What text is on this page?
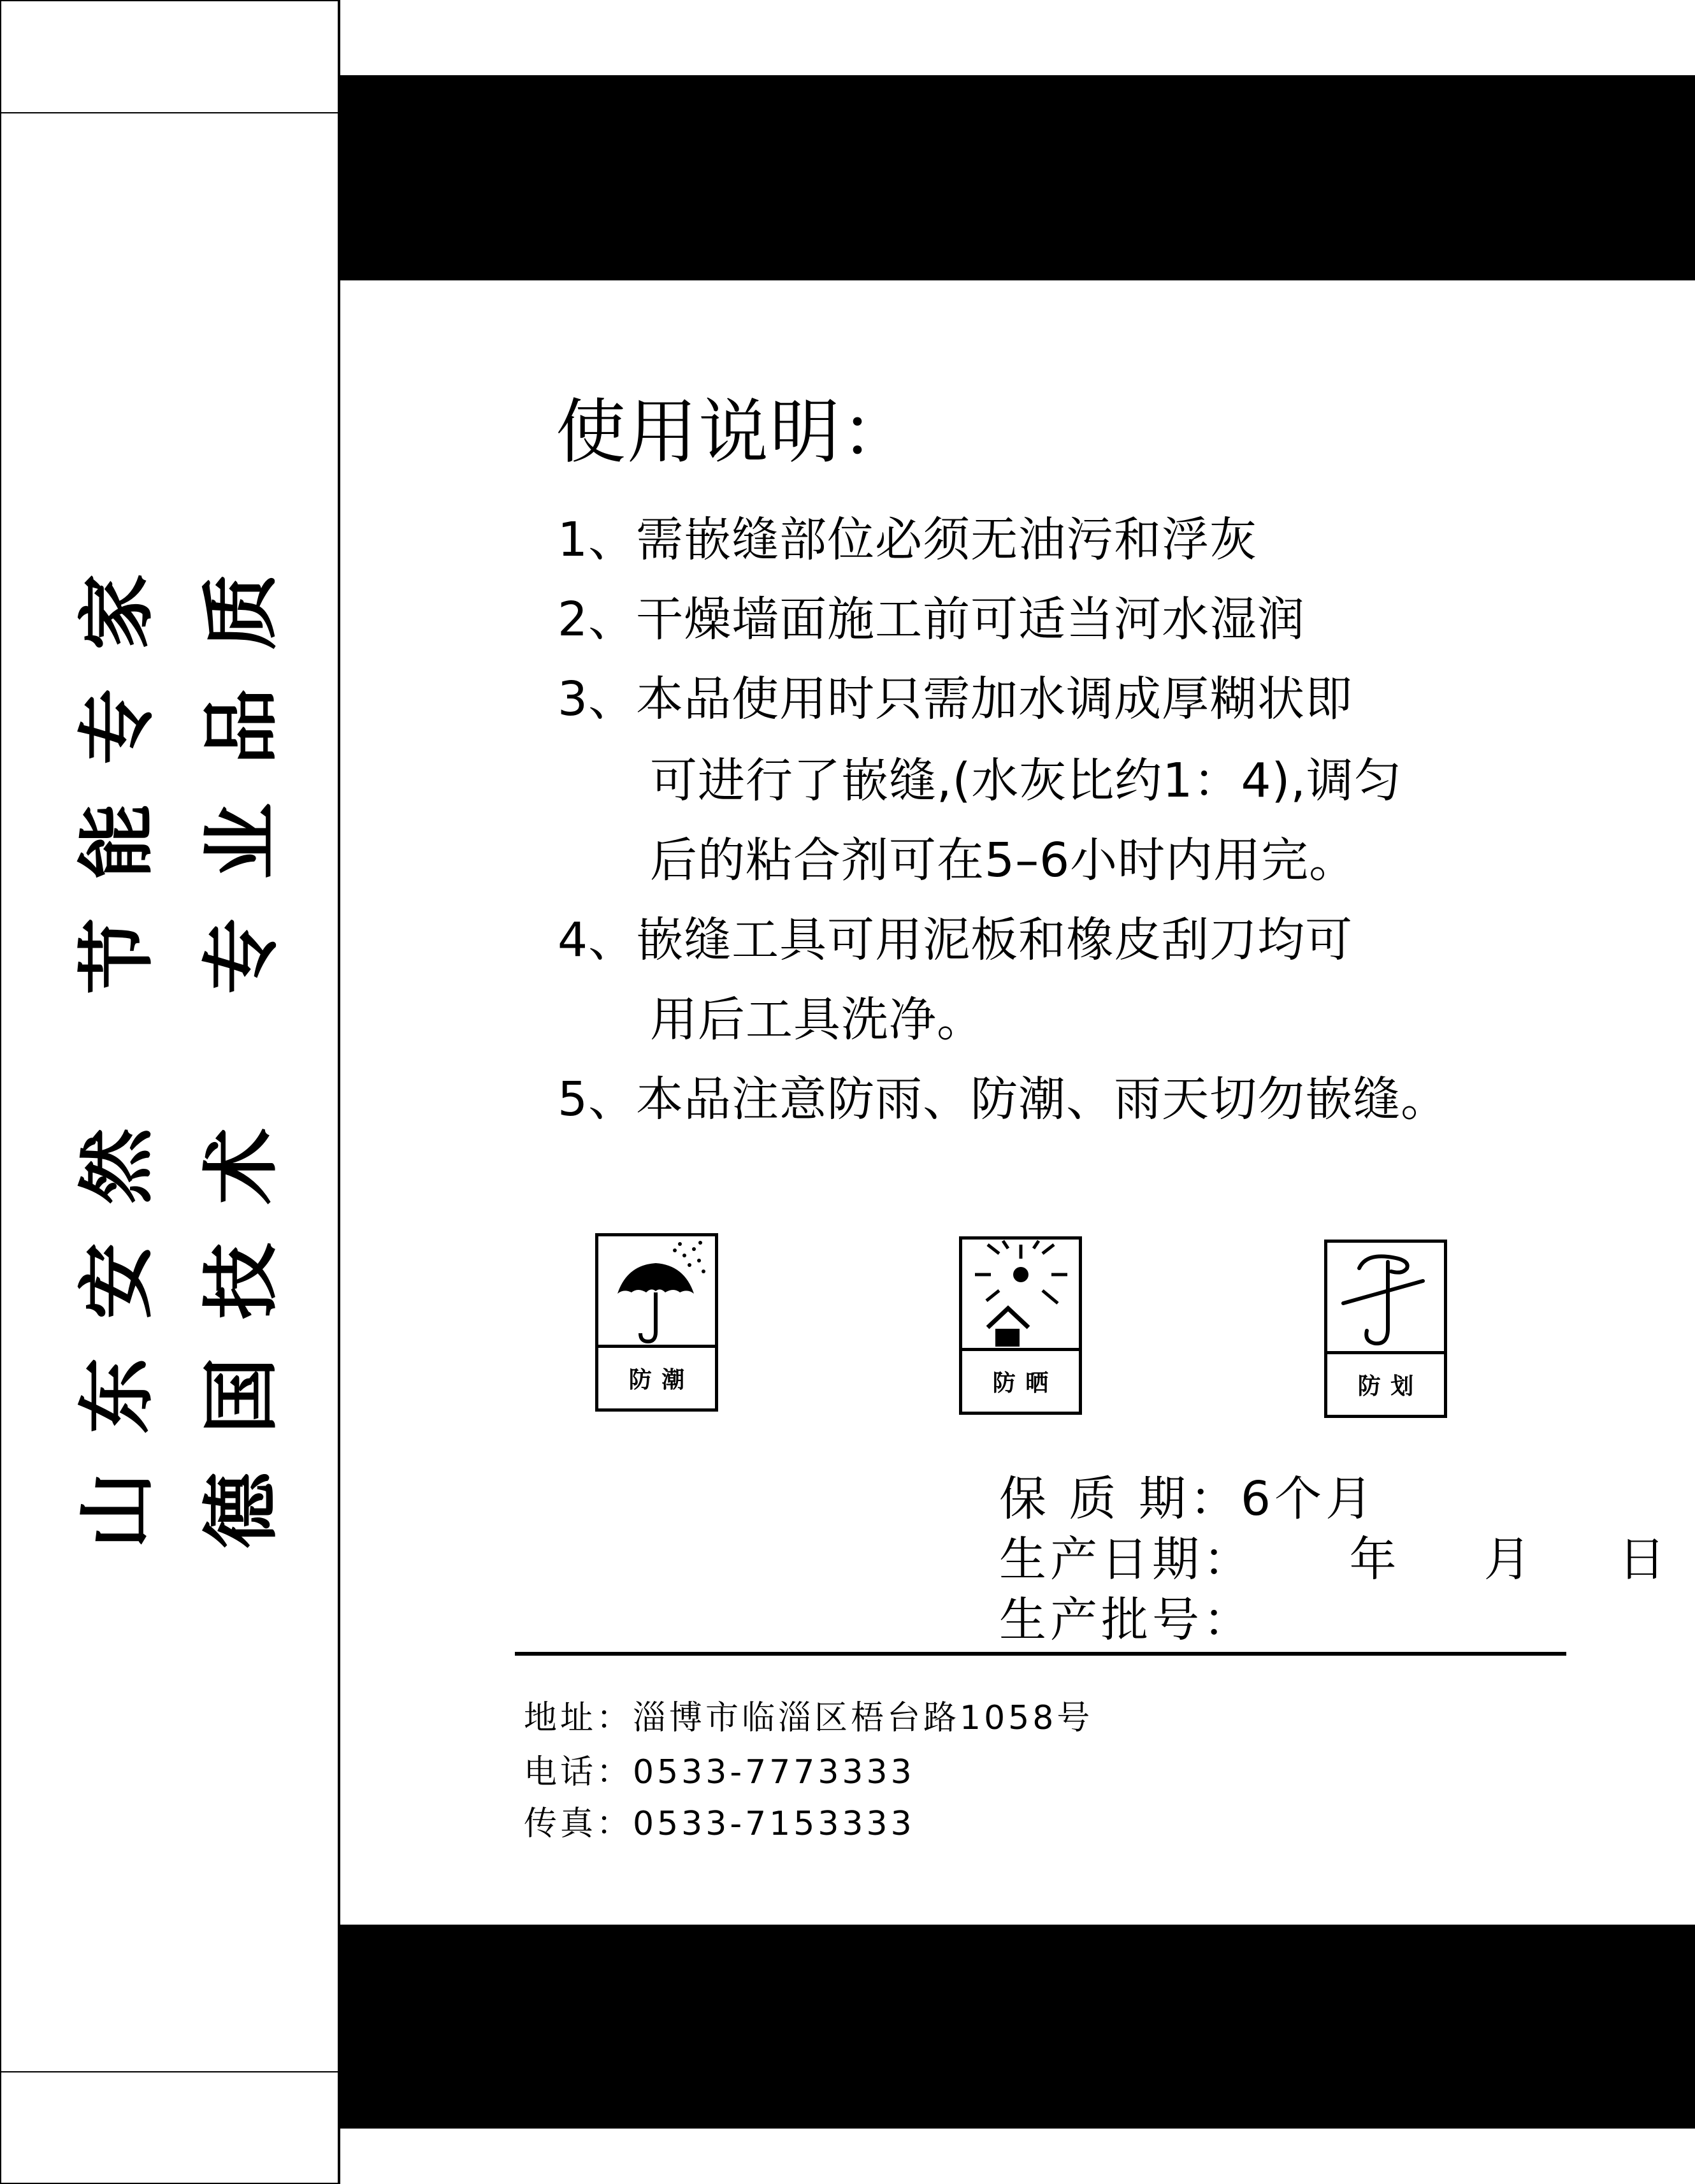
家
专
能
节
然
安
东
山
质
品
业
专
术
技
国
德
使用说明：
1、需嵌缝部位必须无油污和浮灰
2、干燥墙面施工前可适当河水湿润
3、本品使用时只需加水调成厚糊状即
可进行了嵌缝,(水灰比约1：4),调匀
后的粘合剂可在5–6小时内用完。
4、嵌缝工具可用泥板和橡皮刮刀均可
用后工具洗净。
5、本品注意防雨、防潮、雨天切勿嵌缝。
防 潮	防 晒	防 划
保 质 期：6个月
生产日期： 年  月  日
生产批号：
地址：淄博市临淄区梧台路1058号
电话：0533-7773333
传真：0533-7153333
